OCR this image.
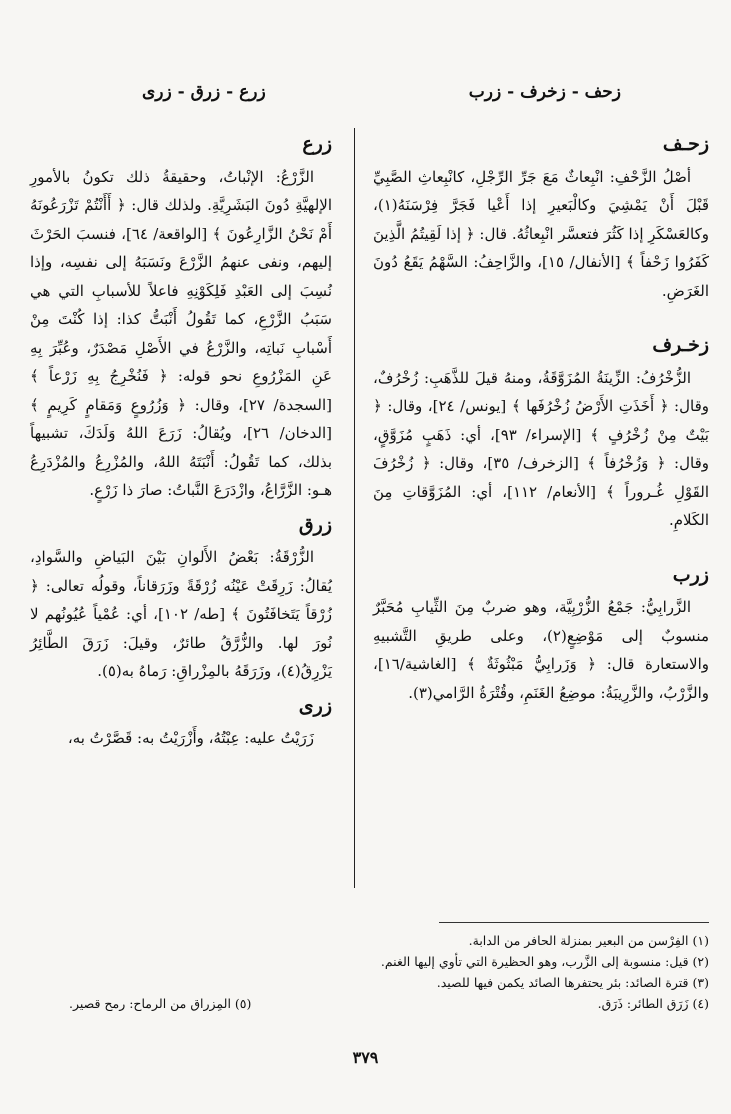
زحف - زخرف - زرب
زرع - زرق - زرى
زحـف

أصْلُ الزَّحْفِ: انْبِعاثٌ مَعَ جَرِّ الرِّجْلِ، كانْبِعاثِ الصَّبِيِّ قَبْلَ أَنْ يَمْشِيَ وكالْبَعيرِ إذا أَعْيا فَجَرَّ فِرْسَنَهُ(١)، وكالعَسْكَرِ إذا كَثُرَ فتعسَّر انْبِعاثُهُ. قال: ﴿ إذا لَقِيتُمُ الَّذِينَ كَفَرُوا زَحْفاً ﴾ [الأنفال/ ١٥]، والزَّاحِفُ: السَّهْمُ يَقَعُ دُونَ الغَرَضِ.

زخـرف

الزُّخْرُفُ: الزِّينَةُ المُزَوَّقَةُ، ومنهُ قيلَ للذَّهَبِ: زُخْرُفٌ، وقال: ﴿ أَخَذَتِ الأَرْضُ زُخْرُفَها ﴾ [يونس/ ٢٤]، وقال: ﴿ بَيْتٌ مِنْ زُخْرُفٍ ﴾ [الإسراء/ ٩٣]، أي: ذَهَبٍ مُزَوَّقٍ، وقال: ﴿ وَزُخْرُفاً ﴾ [الزخرف/ ٣٥]، وقال: ﴿ زُخْرُفَ القَوْلِ غُـروراً ﴾ [الأنعام/ ١١٢]، أي: المُزَوَّقاتِ مِنَ الكَلامِ.

زرب

الزَّرابِيُّ: جَمْعُ الزُّرْبِيَّة، وهو ضربٌ مِنَ الثِّيابِ مُحَبَّرٌ منسوبٌ إلى مَوْضِعٍ(٢)، وعلى طريقِ التَّشبيهِ والاستعارة قال: ﴿ وَزَرابِيُّ مَبْثُوثَةٌ ﴾ [الغاشية/١٦]، والزَّرْبُ، والزَّرِيبَةُ: موضِعُ الغَنَمِ، وقُتْرَةُ الرَّامي(٣).

زرع

الزَّرْعُ: الإنْباتُ، وحقيقةُ ذلك تكونُ بالأمورِ الإلهيَّةِ دُونَ البَشَرِيَّةِ. ولذلك قال: ﴿ أَأَنْتُمْ تَزْرَعُونَهُ أَمْ نَحْنُ الزَّارِعُونَ ﴾ [الواقعة/ ٦٤]، فنسبَ الحَرْثَ إليهم، ونفى عنهمُ الزَّرْعَ ونَسَبَهُ إلى نفسِه، وإذا نُسِبَ إلى العَبْدِ فَلِكَوْنِهِ فاعلاً للأسبابِ التي هي سَبَبُ الزَّرْعِ، كما تَقُولُ أَنْبَتُّ كذا: إذا كُنْتَ مِنْ أَسْبابِ نَباتِه، والزَّرْعُ في الأَصْلِ مَصْدَرٌ، وعُبِّرَ بِهِ عَنِ المَزْرُوعِ نحو قوله: ﴿ فَنُخْرِجُ بِهِ زَرْعاً ﴾ [السجدة/ ٢٧]، وقال: ﴿ وَزُرُوعٍ وَمَقامٍ كَرِيمٍ ﴾ [الدخان/ ٢٦]، ويُقالُ: زَرَعَ اللهُ وَلَدَكَ، تشبيهاً بذلك، كما تَقُولُ: أَنْبَتَهُ اللهُ، والمُزْرِعُ والمُزْدَرِعُ هـو: الزَّرَّاعُ، وازْدَرَعَ النَّباتُ: صارَ ذا زَرْعٍ.

زرق

الزُّرْقَةُ: بَعْضُ الأَلوانِ بَيْنَ البَياضِ والسَّوادِ، يُقالُ: زَرِقَتْ عَيْنُه زُرْقَةً وزَرَقاناً، وقولُه تعالى: ﴿ زُرْقاً يَتَخافَتُونَ ﴾ [طه/ ١٠٢]، أي: عُمْياً عُيُونُهم لا نُورَ لها. والزُّرَّقُ طائرٌ، وقيلَ: زَرَقَ الطَّائِرُ يَزْرِقُ(٤)، وزَرَقَهُ بالمِزْراقِ: رَماهُ به(٥).

زرى

زَرَيْتُ عليه: عِبْتُهُ، وأَزْرَيْتُ به: قَصَّرْتُ به،

(١) الفِرْسن من البعير بمنزلة الحافر من الدابة.

(٢) قيل: منسوبة إلى الزَّرب، وهو الحظيرة التي تأوي إليها الغنم.

(٣) قترة الصائد: بئر يحتفرها الصائد يكمن فيها للصيد.

(٤) زَرَق الطائر: ذَرَق.

(٥) المِزراق من الرماح: رمح قصير.

٣٧٩
